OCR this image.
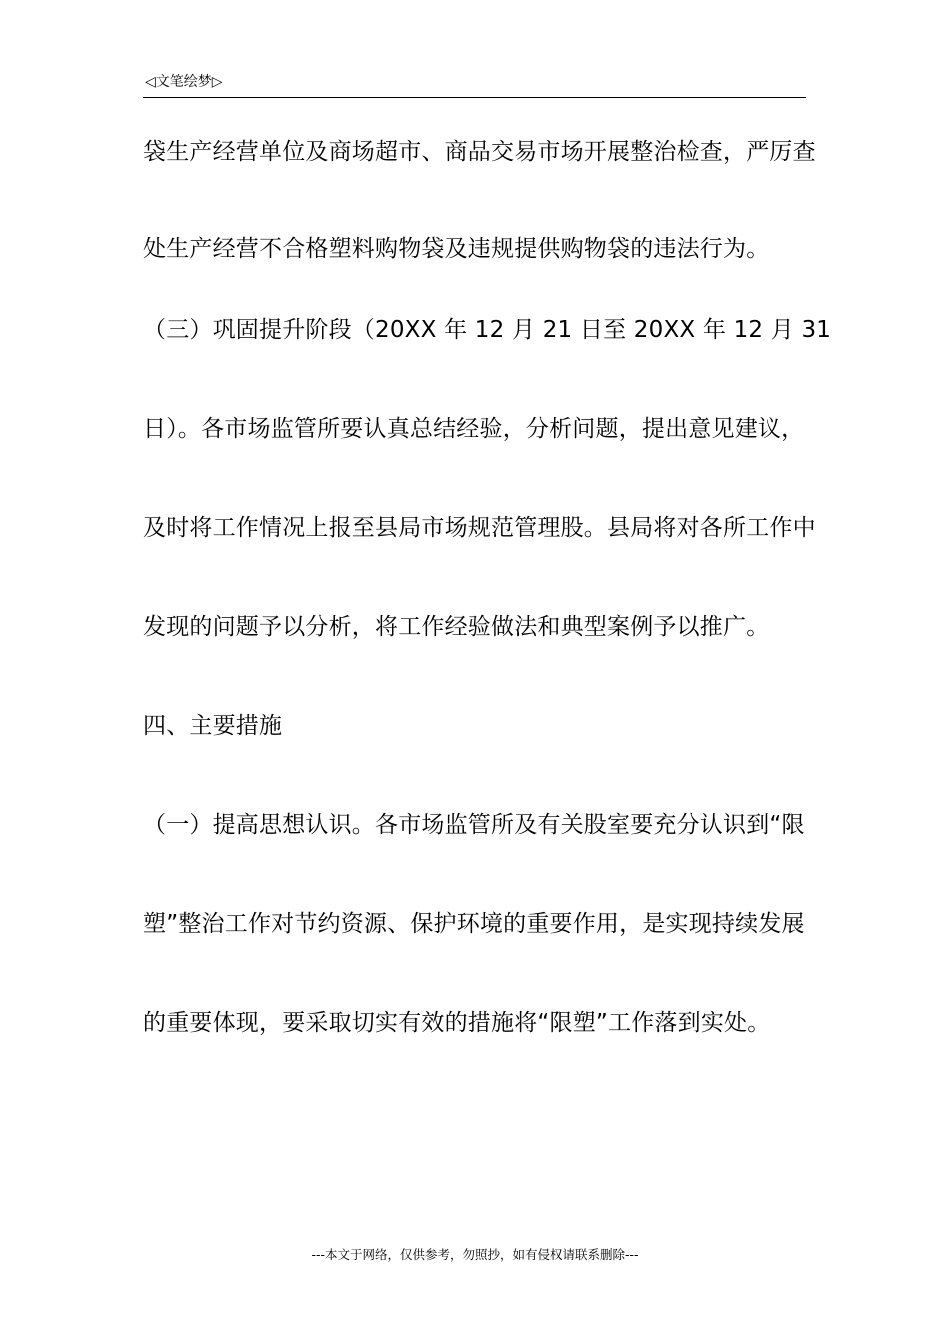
◁文笔绘梦▷
袋生产经营单位及商场超市、商品交易市场开展整治检查，严厉查
处生产经营不合格塑料购物袋及违规提供购物袋的违法行为。
（三）巩固提升阶段（20XX 年 12 月 21 日至 20XX 年 12 月 31
日）。各市场监管所要认真总结经验，分析问题，提出意见建议，
及时将工作情况上报至县局市场规范管理股。县局将对各所工作中
发现的问题予以分析，将工作经验做法和典型案例予以推广。
四、主要措施
（一）提高思想认识。各市场监管所及有关股室要充分认识到“限
塑”整治工作对节约资源、保护环境的重要作用，是实现持续发展
的重要体现，要采取切实有效的措施将“限塑”工作落到实处。
---本文于网络，仅供参考，勿照抄，如有侵权请联系删除---
